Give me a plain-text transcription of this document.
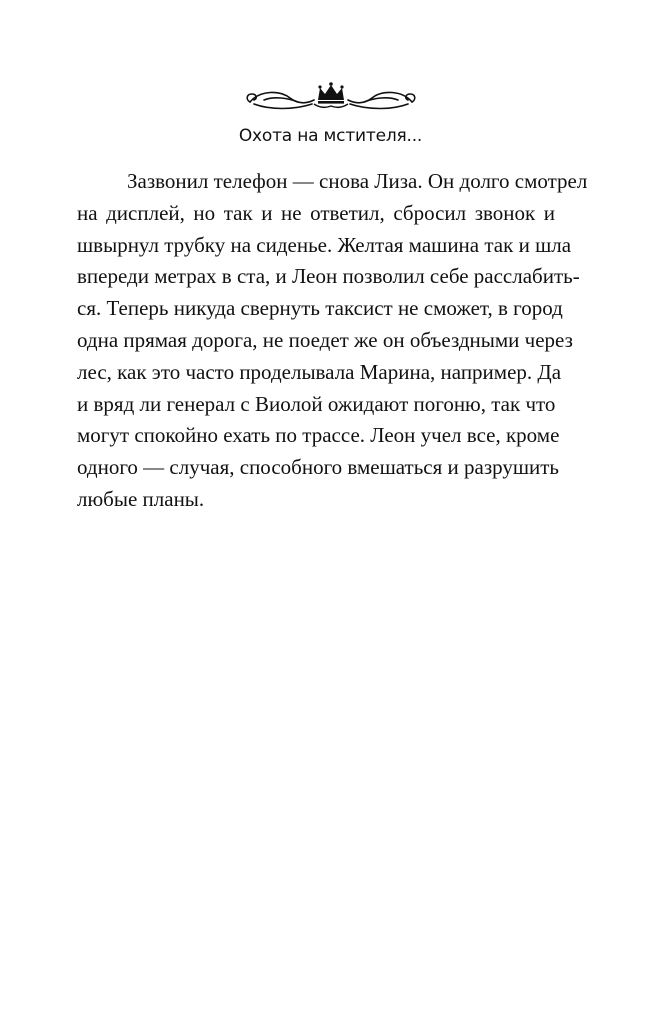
Охота на мстителя...
Зазвонил телефон — снова Лиза. Он долго смотрел
на дисплей, но так и не ответил, сбросил звонок и
швырнул трубку на сиденье. Желтая машина так и шла
впереди метрах в ста, и Леон позволил себе расслабить-
ся. Теперь никуда свернуть таксист не сможет, в город
одна прямая дорога, не поедет же он объездными через
лес, как это часто проделывала Марина, например. Да
и вряд ли генерал с Виолой ожидают погоню, так что
могут спокойно ехать по трассе. Леон учел все, кроме
одного — случая, способного вмешаться и разрушить
любые планы.
